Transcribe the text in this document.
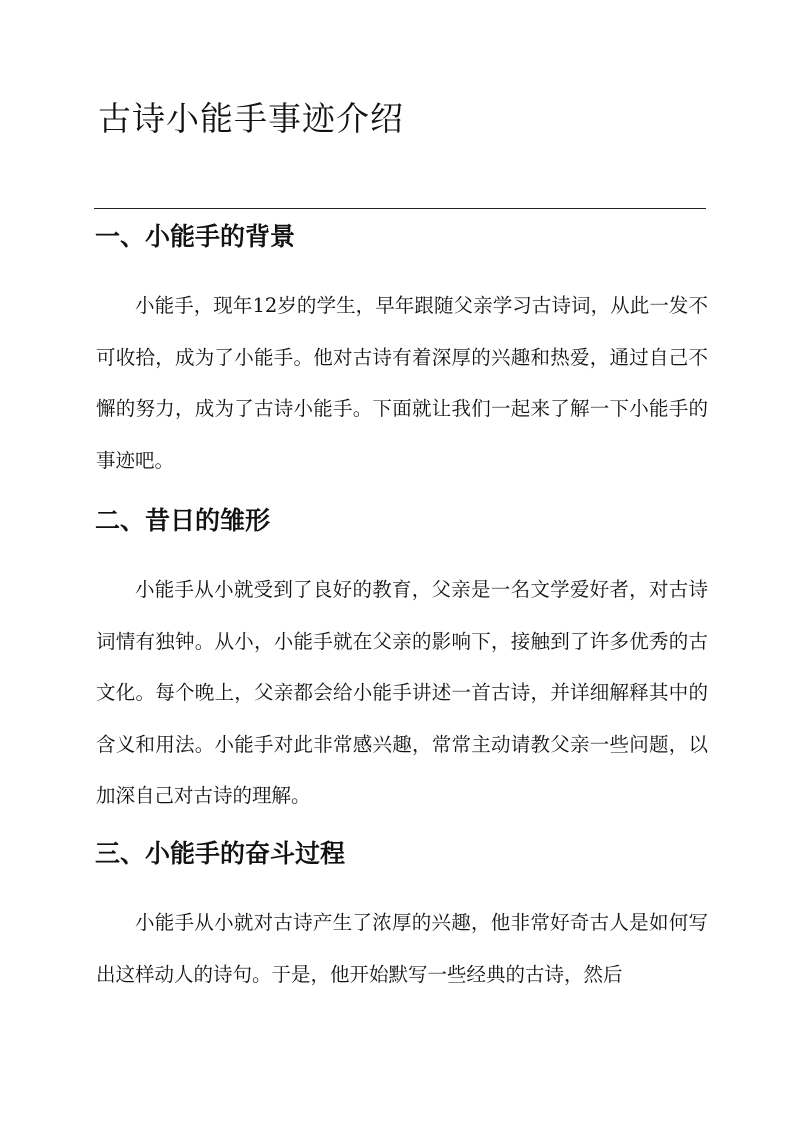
古诗小能手事迹介绍
一、小能手的背景

小能手，现年12岁的学生，早年跟随父亲学习古诗词，从此一发不可收拾，成为了小能手。他对古诗有着深厚的兴趣和热爱，通过自己不懈的努力，成为了古诗小能手。下面就让我们一起来了解一下小能手的事迹吧。

二、昔日的雏形

小能手从小就受到了良好的教育，父亲是一名文学爱好者，对古诗词情有独钟。从小，小能手就在父亲的影响下，接触到了许多优秀的古文化。每个晚上，父亲都会给小能手讲述一首古诗，并详细解释其中的含义和用法。小能手对此非常感兴趣，常常主动请教父亲一些问题，以加深自己对古诗的理解。

三、小能手的奋斗过程

小能手从小就对古诗产生了浓厚的兴趣，他非常好奇古人是如何写出这样动人的诗句。于是，他开始默写一些经典的古诗，然后
